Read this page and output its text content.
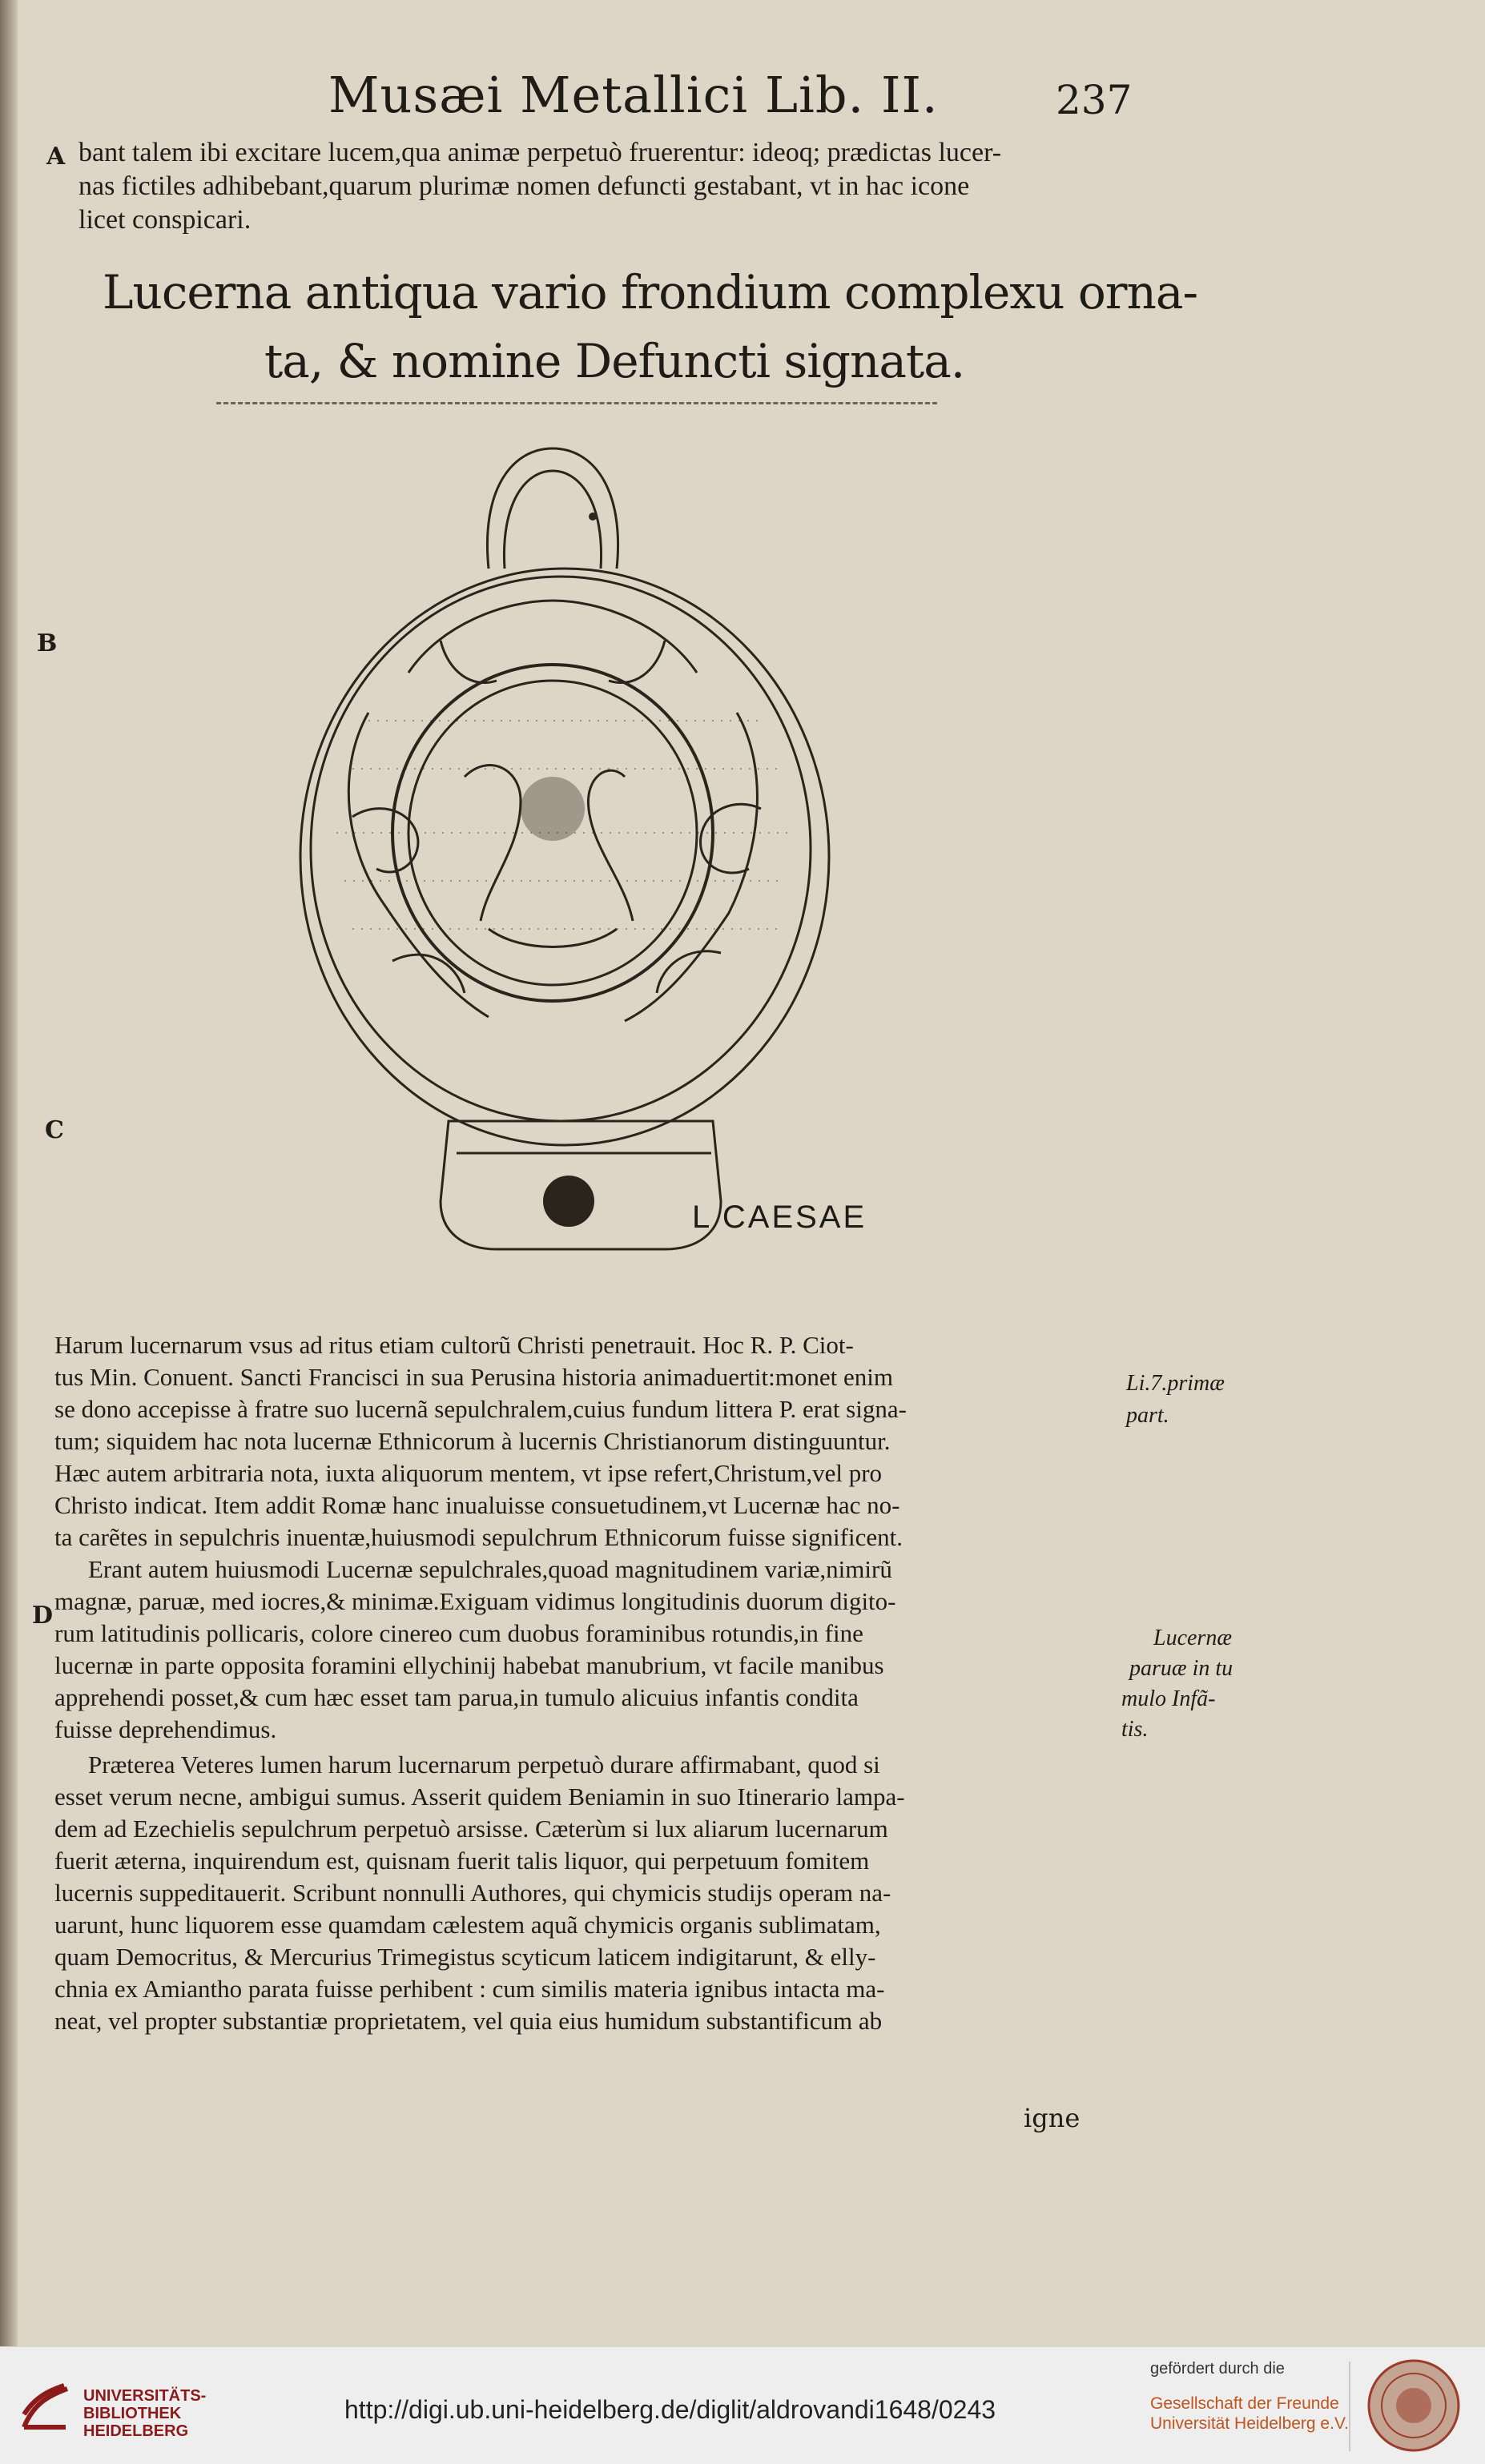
Musæi Metallici Lib. II.	237
A
B
C
D
bant talem ibi excitare lucem,qua animæ perpetuò fruerentur: ideoq; prædictas lucer-
nas fictiles adhibebant,quarum plurimæ nomen defuncti gestabant, vt in hac icone
licet conspicari.
Lucerna antiqua vario frondium complexu orna-
ta, & nomine Defuncti signata.
L CAESAE
Harum lucernarum vsus ad ritus etiam cultorũ Christi penetrauit. Hoc R. P. Ciot-
tus Min. Conuent. Sancti Francisci in sua Perusina historia animaduertit:monet enim
se dono accepisse à fratre suo lucernã sepulchralem,cuius fundum littera P. erat signa-
tum; siquidem hac nota lucernæ Ethnicorum à lucernis Christianorum distinguuntur.
Hæc autem arbitraria nota, iuxta aliquorum mentem, vt ipse refert,Christum,vel pro
Christo indicat. Item addit Romæ hanc inualuisse consuetudinem,vt Lucernæ hac no-
ta carẽtes in sepulchris inuentæ,huiusmodi sepulchrum Ethnicorum fuisse significent.
Erant autem huiusmodi Lucernæ sepulchrales,quoad magnitudinem variæ,nimirũ
magnæ, paruæ, med iocres,& minimæ.Exiguam vidimus longitudinis duorum digito-
rum latitudinis pollicaris, colore cinereo cum duobus foraminibus rotundis,in fine
lucernæ in parte opposita foramini ellychinij habebat manubrium, vt facile manibus
apprehendi posset,& cum hæc esset tam parua,in tumulo alicuius infantis condita
fuisse deprehendimus.
Præterea Veteres lumen harum lucernarum perpetuò durare affirmabant, quod si
esset verum necne, ambigui sumus. Asserit quidem Beniamin in suo Itinerario lampa-
dem ad Ezechielis sepulchrum perpetuò arsisse. Cæterùm si lux aliarum lucernarum
fuerit æterna, inquirendum est, quisnam fuerit talis liquor, qui perpetuum fomitem
lucernis suppeditauerit. Scribunt nonnulli Authores, qui chymicis studijs operam na-
uarunt, hunc liquorem esse quamdam cælestem aquã chymicis organis sublimatam,
quam Democritus, & Mercurius Trimegistus scyticum laticem indigitarunt, & elly-
chnia ex Amiantho parata fuisse perhibent : cum similis materia ignibus intacta ma-
neat, vel propter substantiæ proprietatem, vel quia eius humidum substantificum ab
Li.7.primæ
part.
Lucernæ
paruæ in tu
mulo Infã-
tis.
igne
UNIVERSITÄTS-
BIBLIOTHEK
HEIDELBERG
http://digi.ub.uni-heidelberg.de/diglit/aldrovandi1648/0243
gefördert durch die
Gesellschaft der Freunde
Universität Heidelberg e.V.
